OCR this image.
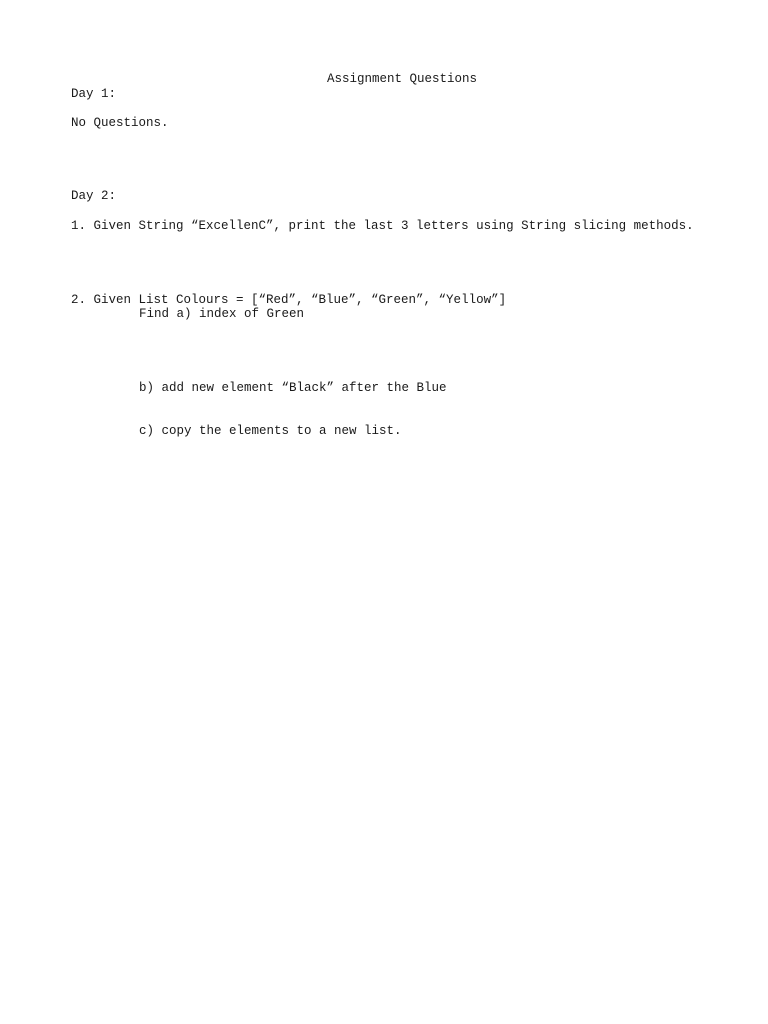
Assignment Questions
Day 1:
No Questions.
Day 2:
1. Given String “ExcellenC”, print the last 3 letters using String slicing methods.
2. Given List Colours = [“Red”, “Blue”, “Green”, “Yellow”]
Find a) index of Green
b) add new element “Black” after the Blue
c) copy the elements to a new list.
